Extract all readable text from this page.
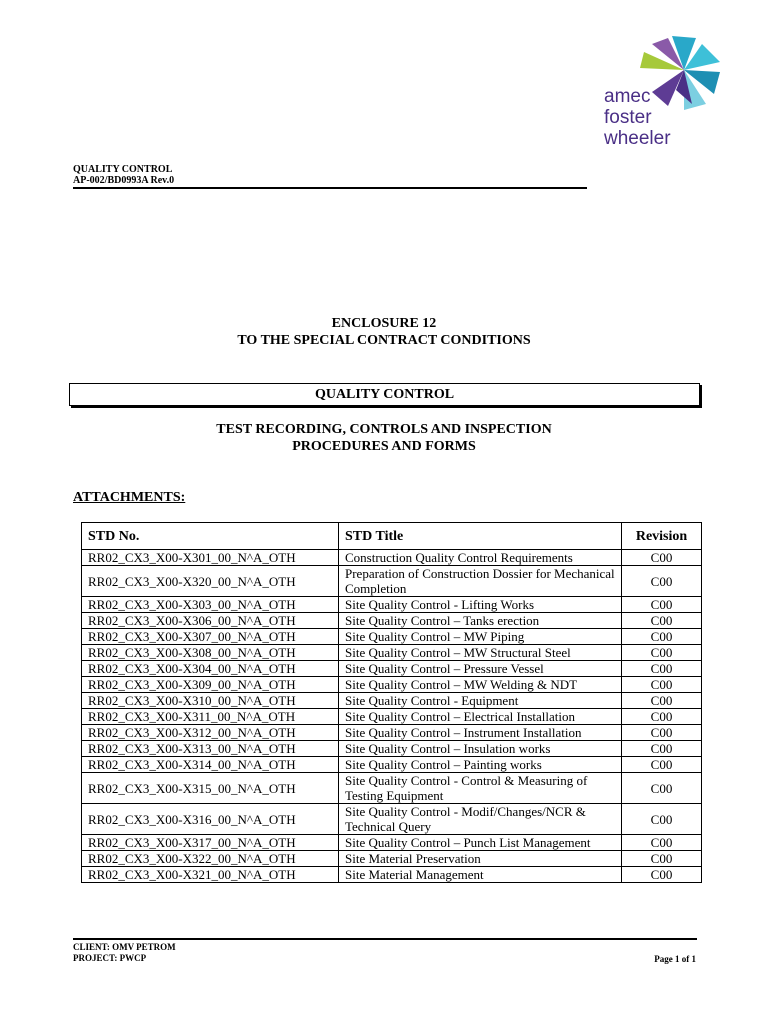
amec
foster
wheeler
QUALITY CONTROL
AP-002/BD0993A Rev.0
ENCLOSURE 12
TO THE SPECIAL CONTRACT CONDITIONS
QUALITY CONTROL
TEST RECORDING, CONTROLS AND INSPECTION
PROCEDURES AND FORMS
ATTACHMENTS:
STD No.	STD Title	Revision
RR02_CX3_X00-X301_00_N^A_OTH	Construction Quality Control Requirements	C00
RR02_CX3_X00-X320_00_N^A_OTH	Preparation of Construction Dossier for Mechanical Completion	C00
RR02_CX3_X00-X303_00_N^A_OTH	Site Quality Control - Lifting Works	C00
RR02_CX3_X00-X306_00_N^A_OTH	Site Quality Control – Tanks erection	C00
RR02_CX3_X00-X307_00_N^A_OTH	Site Quality Control – MW Piping	C00
RR02_CX3_X00-X308_00_N^A_OTH	Site Quality Control – MW Structural Steel	C00
RR02_CX3_X00-X304_00_N^A_OTH	Site Quality Control – Pressure Vessel	C00
RR02_CX3_X00-X309_00_N^A_OTH	Site Quality Control – MW Welding & NDT	C00
RR02_CX3_X00-X310_00_N^A_OTH	Site Quality Control - Equipment	C00
RR02_CX3_X00-X311_00_N^A_OTH	Site Quality Control – Electrical Installation	C00
RR02_CX3_X00-X312_00_N^A_OTH	Site Quality Control – Instrument Installation	C00
RR02_CX3_X00-X313_00_N^A_OTH	Site Quality Control – Insulation works	C00
RR02_CX3_X00-X314_00_N^A_OTH	Site Quality Control – Painting works	C00
RR02_CX3_X00-X315_00_N^A_OTH	Site Quality Control - Control & Measuring of Testing Equipment	C00
RR02_CX3_X00-X316_00_N^A_OTH	Site Quality Control - Modif/Changes/NCR & Technical Query	C00
RR02_CX3_X00-X317_00_N^A_OTH	Site Quality Control – Punch List Management	C00
RR02_CX3_X00-X322_00_N^A_OTH	Site Material Preservation	C00
RR02_CX3_X00-X321_00_N^A_OTH	Site Material Management	C00
CLIENT: OMV PETROM
PROJECT: PWCP	Page 1 of 1
